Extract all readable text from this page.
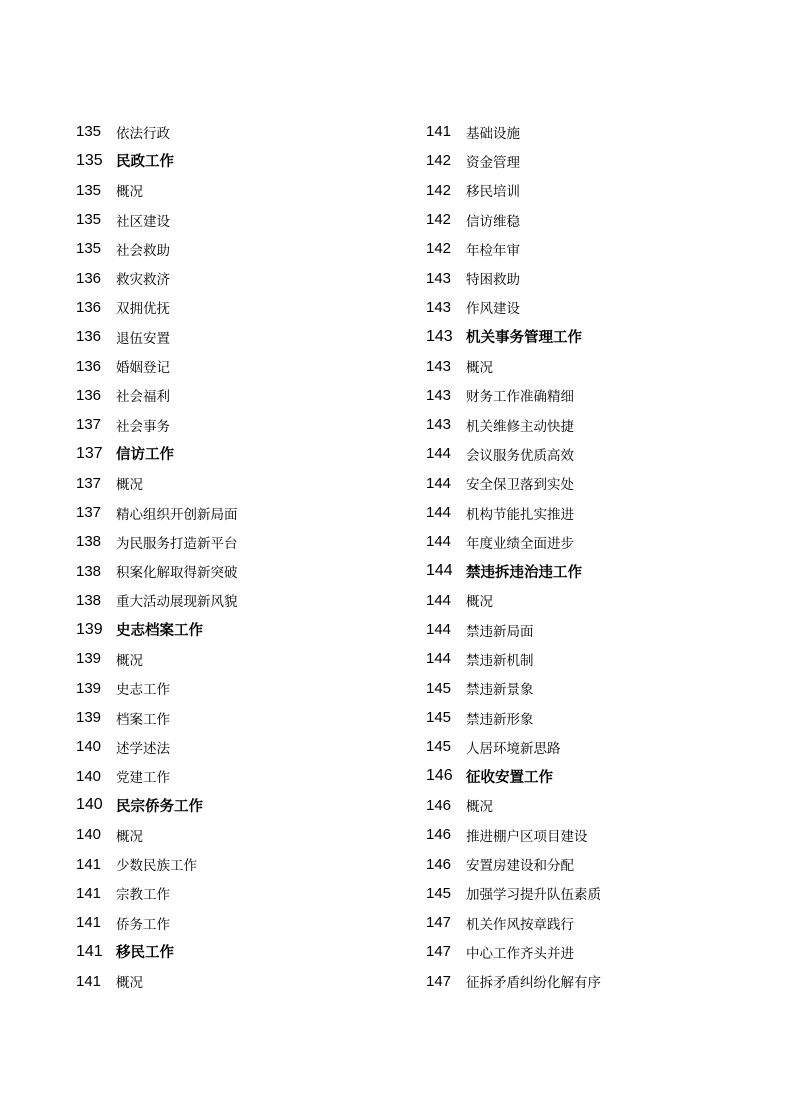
135	依法行政
135 民政工作
135	概况
135	社区建设
135	社会救助
136	救灾救济
136	双拥优抚
136	退伍安置
136	婚姻登记
136	社会福利
137	社会事务
137 信访工作
137	概况
137	精心组织开创新局面
138	为民服务打造新平台
138	积案化解取得新突破
138	重大活动展现新风貌
139 史志档案工作
139	概况
139	史志工作
139	档案工作
140	述学述法
140	党建工作
140 民宗侨务工作
140	概况
141	少数民族工作
141	宗教工作
141	侨务工作
141 移民工作
141	概况
141	基础设施
142	资金管理
142	移民培训
142	信访维稳
142	年检年审
143	特困救助
143	作风建设
143 机关事务管理工作
143	概况
143	财务工作准确精细
143	机关维修主动快捷
144	会议服务优质高效
144	安全保卫落到实处
144	机构节能扎实推进
144	年度业绩全面进步
144 禁违拆违治违工作
144	概况
144	禁违新局面
144	禁违新机制
145	禁违新景象
145	禁违新形象
145	人居环境新思路
146 征收安置工作
146	概况
146	推进棚户区项目建设
146	安置房建设和分配
145	加强学习提升队伍素质
147	机关作风按章践行
147	中心工作齐头并进
147	征拆矛盾纠纷化解有序
